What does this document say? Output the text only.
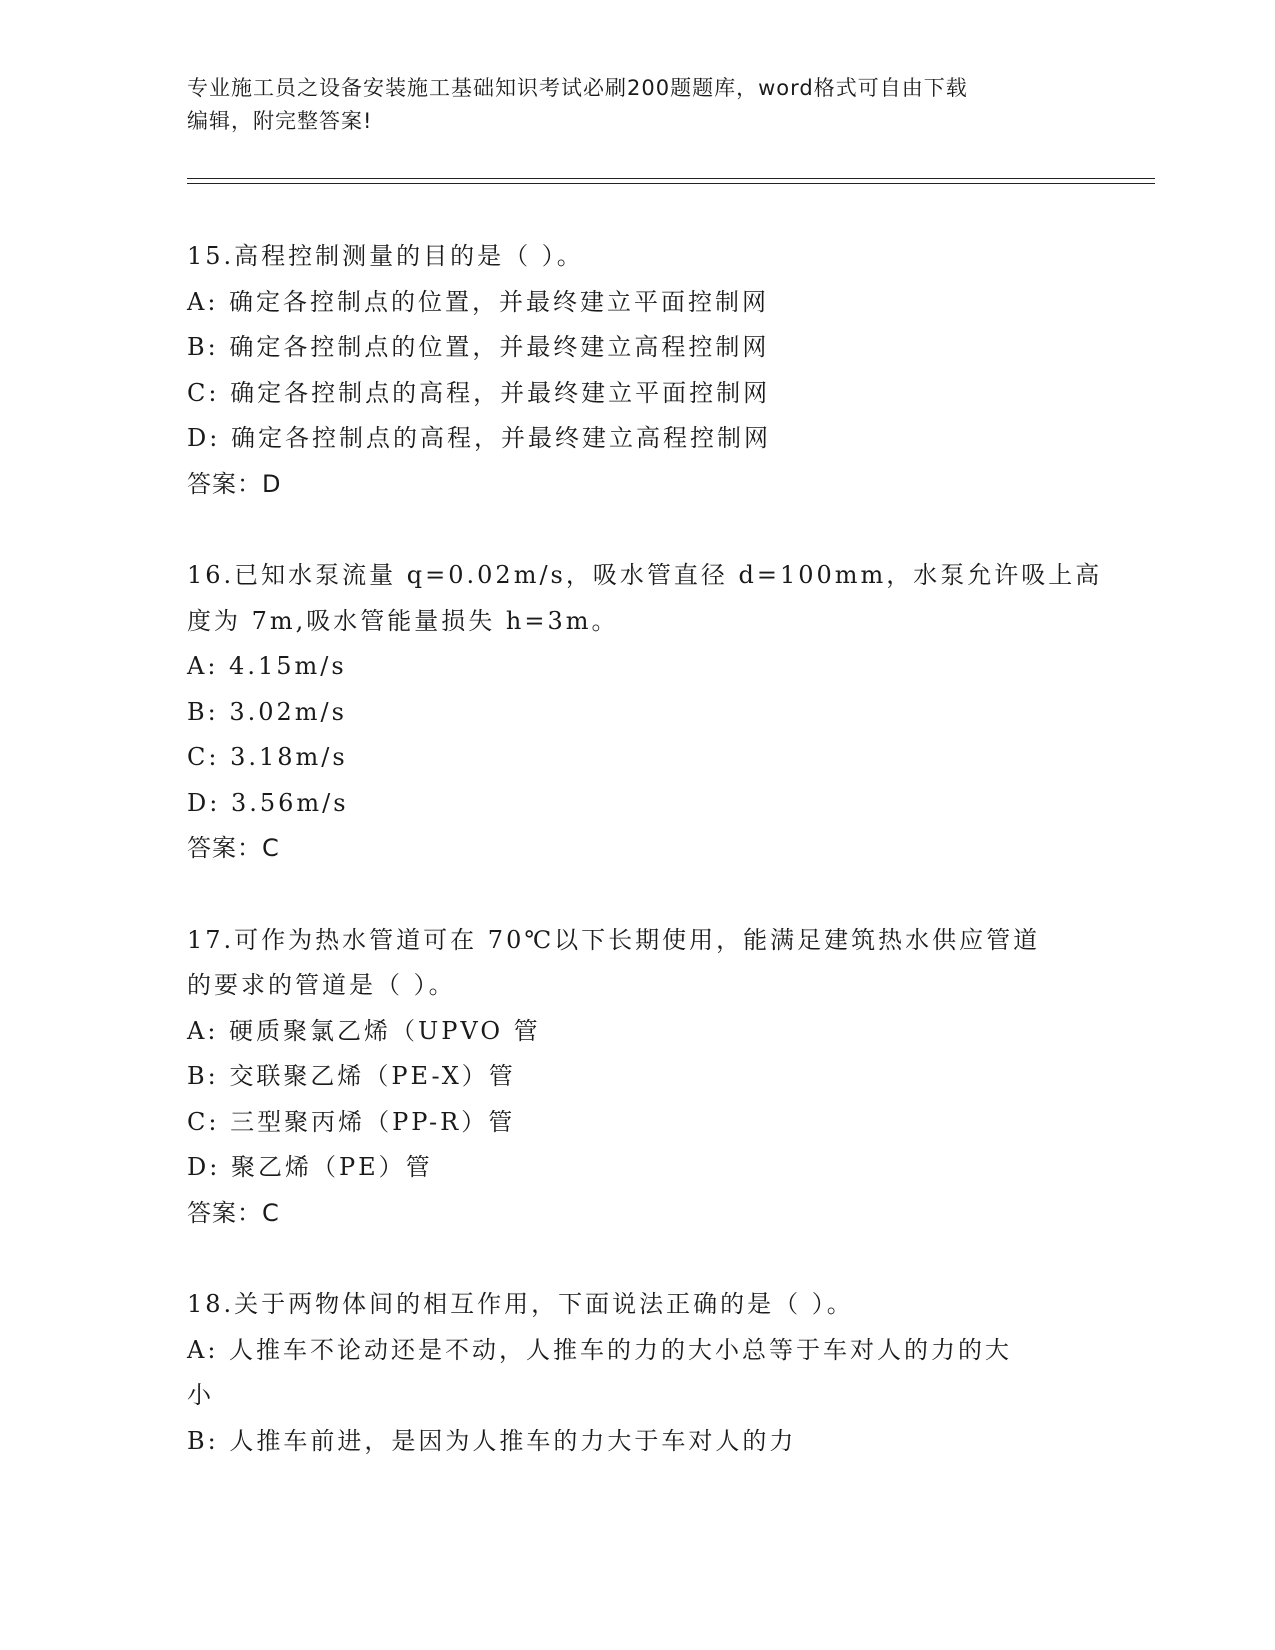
专业施工员之设备安装施工基础知识考试必刷200题题库，word格式可自由下载
编辑，附完整答案!
15.高程控制测量的目的是（ ）。
A: 确定各控制点的位置，并最终建立平面控制网
B: 确定各控制点的位置，并最终建立高程控制网
C: 确定各控制点的高程，并最终建立平面控制网
D: 确定各控制点的高程，并最终建立高程控制网
答案：D
16.已知水泵流量 q=0.02m/s，吸水管直径 d=100mm，水泵允许吸上高
度为 7m,吸水管能量损失 h=3m。
A: 4.15m/s
B: 3.02m/s
C: 3.18m/s
D: 3.56m/s
答案：C
17.可作为热水管道可在 70℃以下长期使用，能满足建筑热水供应管道
的要求的管道是（ ）。
A: 硬质聚氯乙烯（UPVO 管
B: 交联聚乙烯（PE-X）管
C: 三型聚丙烯（PP-R）管
D: 聚乙烯（PE）管
答案：C
18.关于两物体间的相互作用，下面说法正确的是（ ）。
A: 人推车不论动还是不动，人推车的力的大小总等于车对人的力的大
小
B: 人推车前进，是因为人推车的力大于车对人的力
